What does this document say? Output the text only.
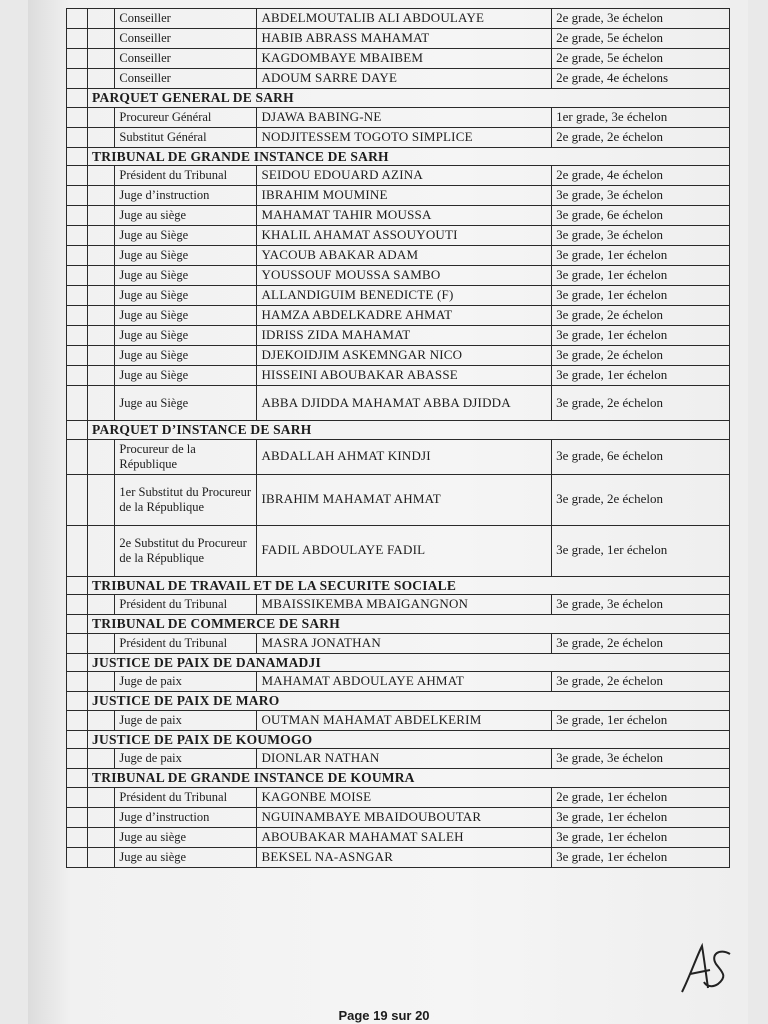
		Conseiller	ABDELMOUTALIB ALI ABDOULAYE	2e grade, 3e échelon
		Conseiller	HABIB ABRASS MAHAMAT	2e grade, 5e échelon
		Conseiller	KAGDOMBAYE MBAIBEM	2e grade, 5e échelon
		Conseiller	ADOUM SARRE DAYE	2e grade, 4e échelons
	PARQUET GENERAL DE SARH			
		Procureur Général	DJAWA BABING-NE	1er grade, 3e échelon
		Substitut Général	NODJITESSEM TOGOTO SIMPLICE	2e grade, 2e échelon
	TRIBUNAL DE GRANDE INSTANCE DE SARH			
		Président du Tribunal	SEIDOU EDOUARD AZINA	2e grade, 4e échelon
		Juge d’instruction	IBRAHIM MOUMINE	3e grade, 3e échelon
		Juge au siège	MAHAMAT TAHIR MOUSSA	3e grade, 6e échelon
		Juge au Siège	KHALIL AHAMAT ASSOUYOUTI	3e grade, 3e échelon
		Juge au Siège	YACOUB ABAKAR ADAM	3e grade, 1er échelon
		Juge au Siège	YOUSSOUF MOUSSA SAMBO	3e grade, 1er échelon
		Juge au Siège	ALLANDIGUIM BENEDICTE (F)	3e grade, 1er échelon
		Juge au Siège	HAMZA ABDELKADRE AHMAT	3e grade, 2e échelon
		Juge au Siège	IDRISS ZIDA MAHAMAT	3e grade, 1er échelon
		Juge au Siège	DJEKOIDJIM ASKEMNGAR NICO	3e grade, 2e échelon
		Juge au Siège	HISSEINI ABOUBAKAR ABASSE	3e grade, 1er échelon
		Juge au Siège	ABBA DJIDDA MAHAMAT ABBA DJIDDA	3e grade, 2e échelon
	PARQUET D’INSTANCE DE SARH			
		Procureur de la République	ABDALLAH AHMAT KINDJI	3e grade, 6e échelon
		1er Substitut du Procureur de la République	IBRAHIM MAHAMAT AHMAT	3e grade, 2e échelon
		2e Substitut du Procureur de la République	FADIL ABDOULAYE FADIL	3e grade, 1er échelon
	TRIBUNAL DE TRAVAIL ET DE LA SECURITE SOCIALE			
		Président du Tribunal	MBAISSIKEMBA MBAIGANGNON	3e grade, 3e échelon
	TRIBUNAL DE COMMERCE DE SARH			
		Président du Tribunal	MASRA JONATHAN	3e grade, 2e échelon
	JUSTICE DE PAIX DE DANAMADJI			
		Juge de paix	MAHAMAT ABDOULAYE AHMAT	3e grade, 2e échelon
	JUSTICE DE PAIX DE MARO			
		Juge de paix	OUTMAN MAHAMAT ABDELKERIM	3e grade, 1er échelon
	JUSTICE DE PAIX DE KOUMOGO			
		Juge de paix	DIONLAR NATHAN	3e grade, 3e échelon
	TRIBUNAL DE GRANDE INSTANCE DE KOUMRA			
		Président du Tribunal	KAGONBE MOISE	2e grade, 1er échelon
		Juge d’instruction	NGUINAMBAYE MBAIDOUBOUTAR	3e grade, 1er échelon
		Juge au siège	ABOUBAKAR MAHAMAT SALEH	3e grade, 1er échelon
		Juge au siège	BEKSEL NA-ASNGAR	3e grade, 1er échelon
Page 19 sur 20
